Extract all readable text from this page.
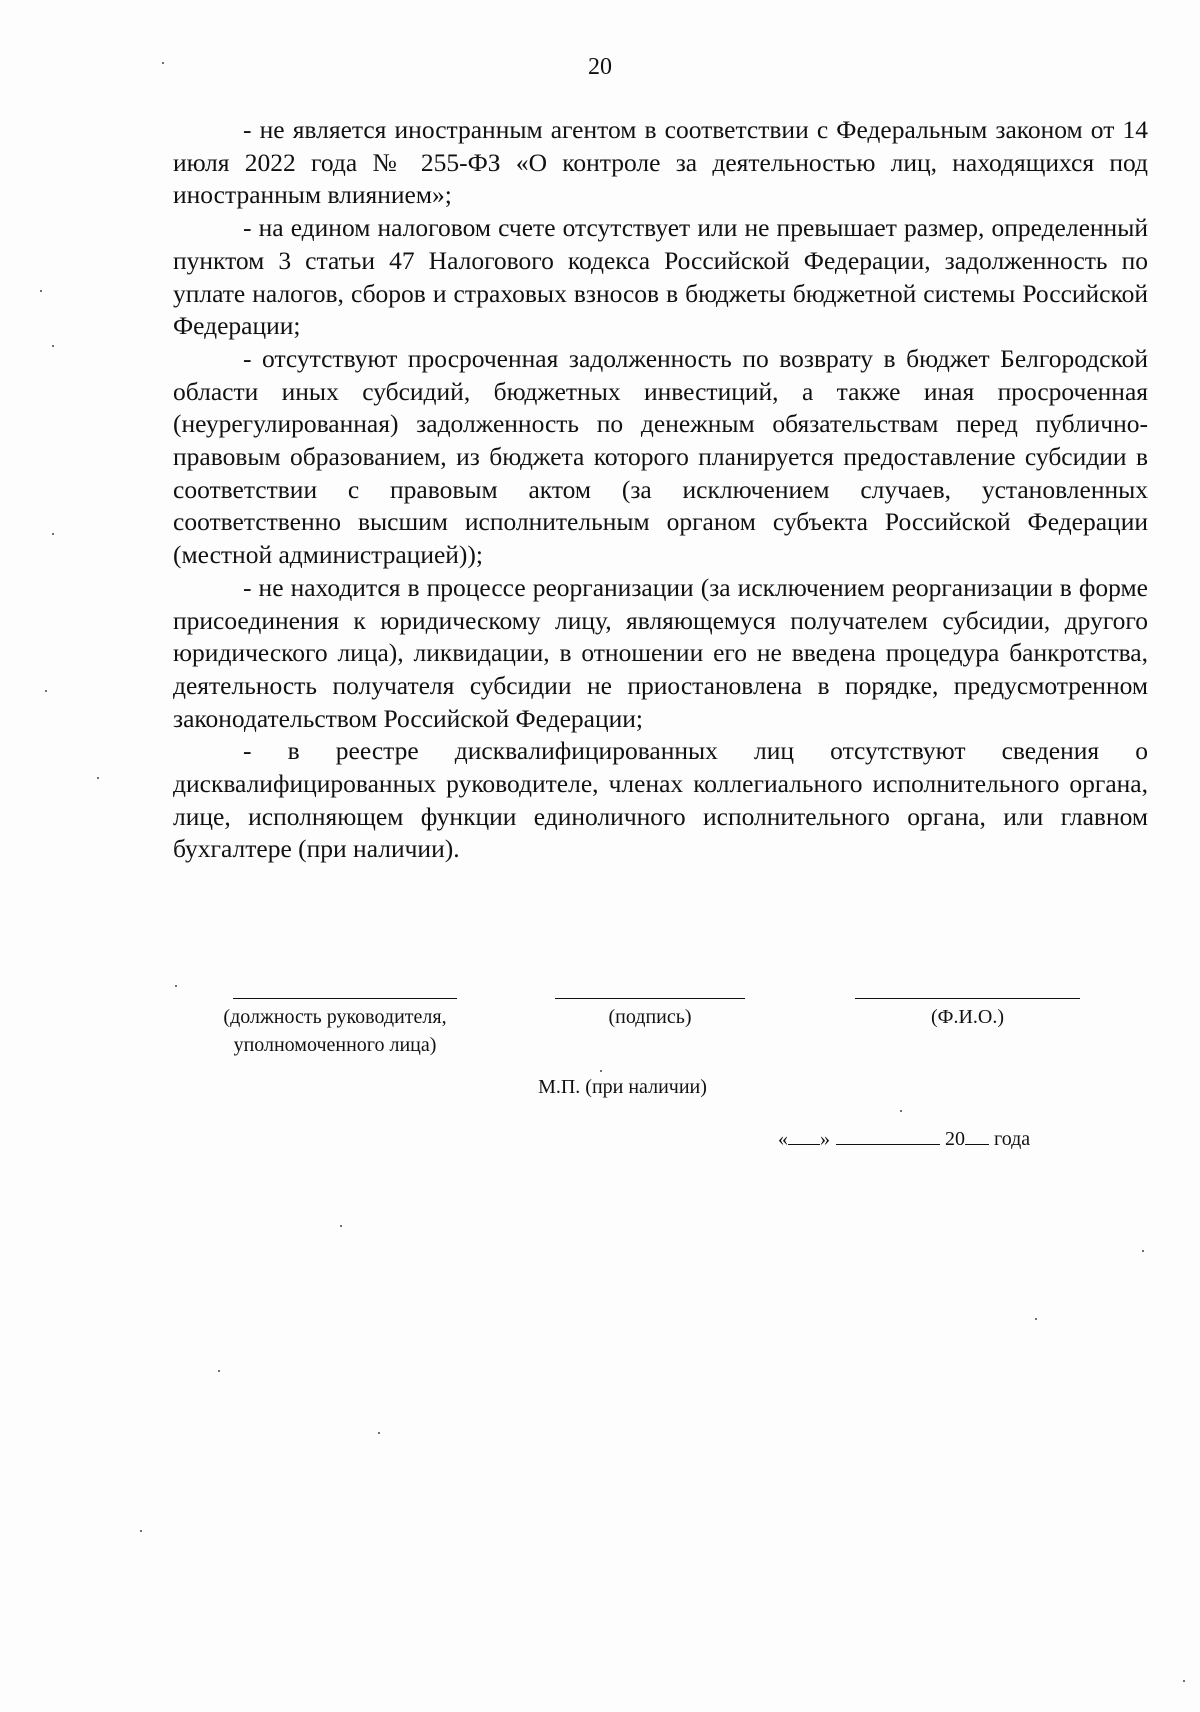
20

- не является иностранным агентом в соответствии с Федеральным законом от 14 июля 2022 года № 255-ФЗ «О контроле за деятельностью лиц, находящихся под иностранным влиянием»;

- на едином налоговом счете отсутствует или не превышает размер, определенный пунктом 3 статьи 47 Налогового кодекса Российской Федерации, задолженность по уплате налогов, сборов и страховых взносов в бюджеты бюджетной системы Российской Федерации;

- отсутствуют просроченная задолженность по возврату в бюджет Белгородской области иных субсидий, бюджетных инвестиций, а также иная просроченная (неурегулированная) задолженность по денежным обязательствам перед публично-правовым образованием, из бюджета которого планируется предоставление субсидии в соответствии с правовым актом (за исключением случаев, установленных соответственно высшим исполнительным органом субъекта Российской Федерации (местной администрацией));

- не находится в процессе реорганизации (за исключением реорганизации в форме присоединения к юридическому лицу, являющемуся получателем субсидии, другого юридического лица), ликвидации, в отношении его не введена процедура банкротства, деятельность получателя субсидии не приостановлена в порядке, предусмотренном законодательством Российской Федерации;

- в реестре дисквалифицированных лиц отсутствуют сведения о дисквалифицированных руководителе, членах коллегиального исполнительного органа, лице, исполняющем функции единоличного исполнительного органа, или главном бухгалтере (при наличии).

(должность руководителя, уполномоченного лица)
(подпись)	(Ф.И.О.)
М.П. (при наличии)
« »	20 года
